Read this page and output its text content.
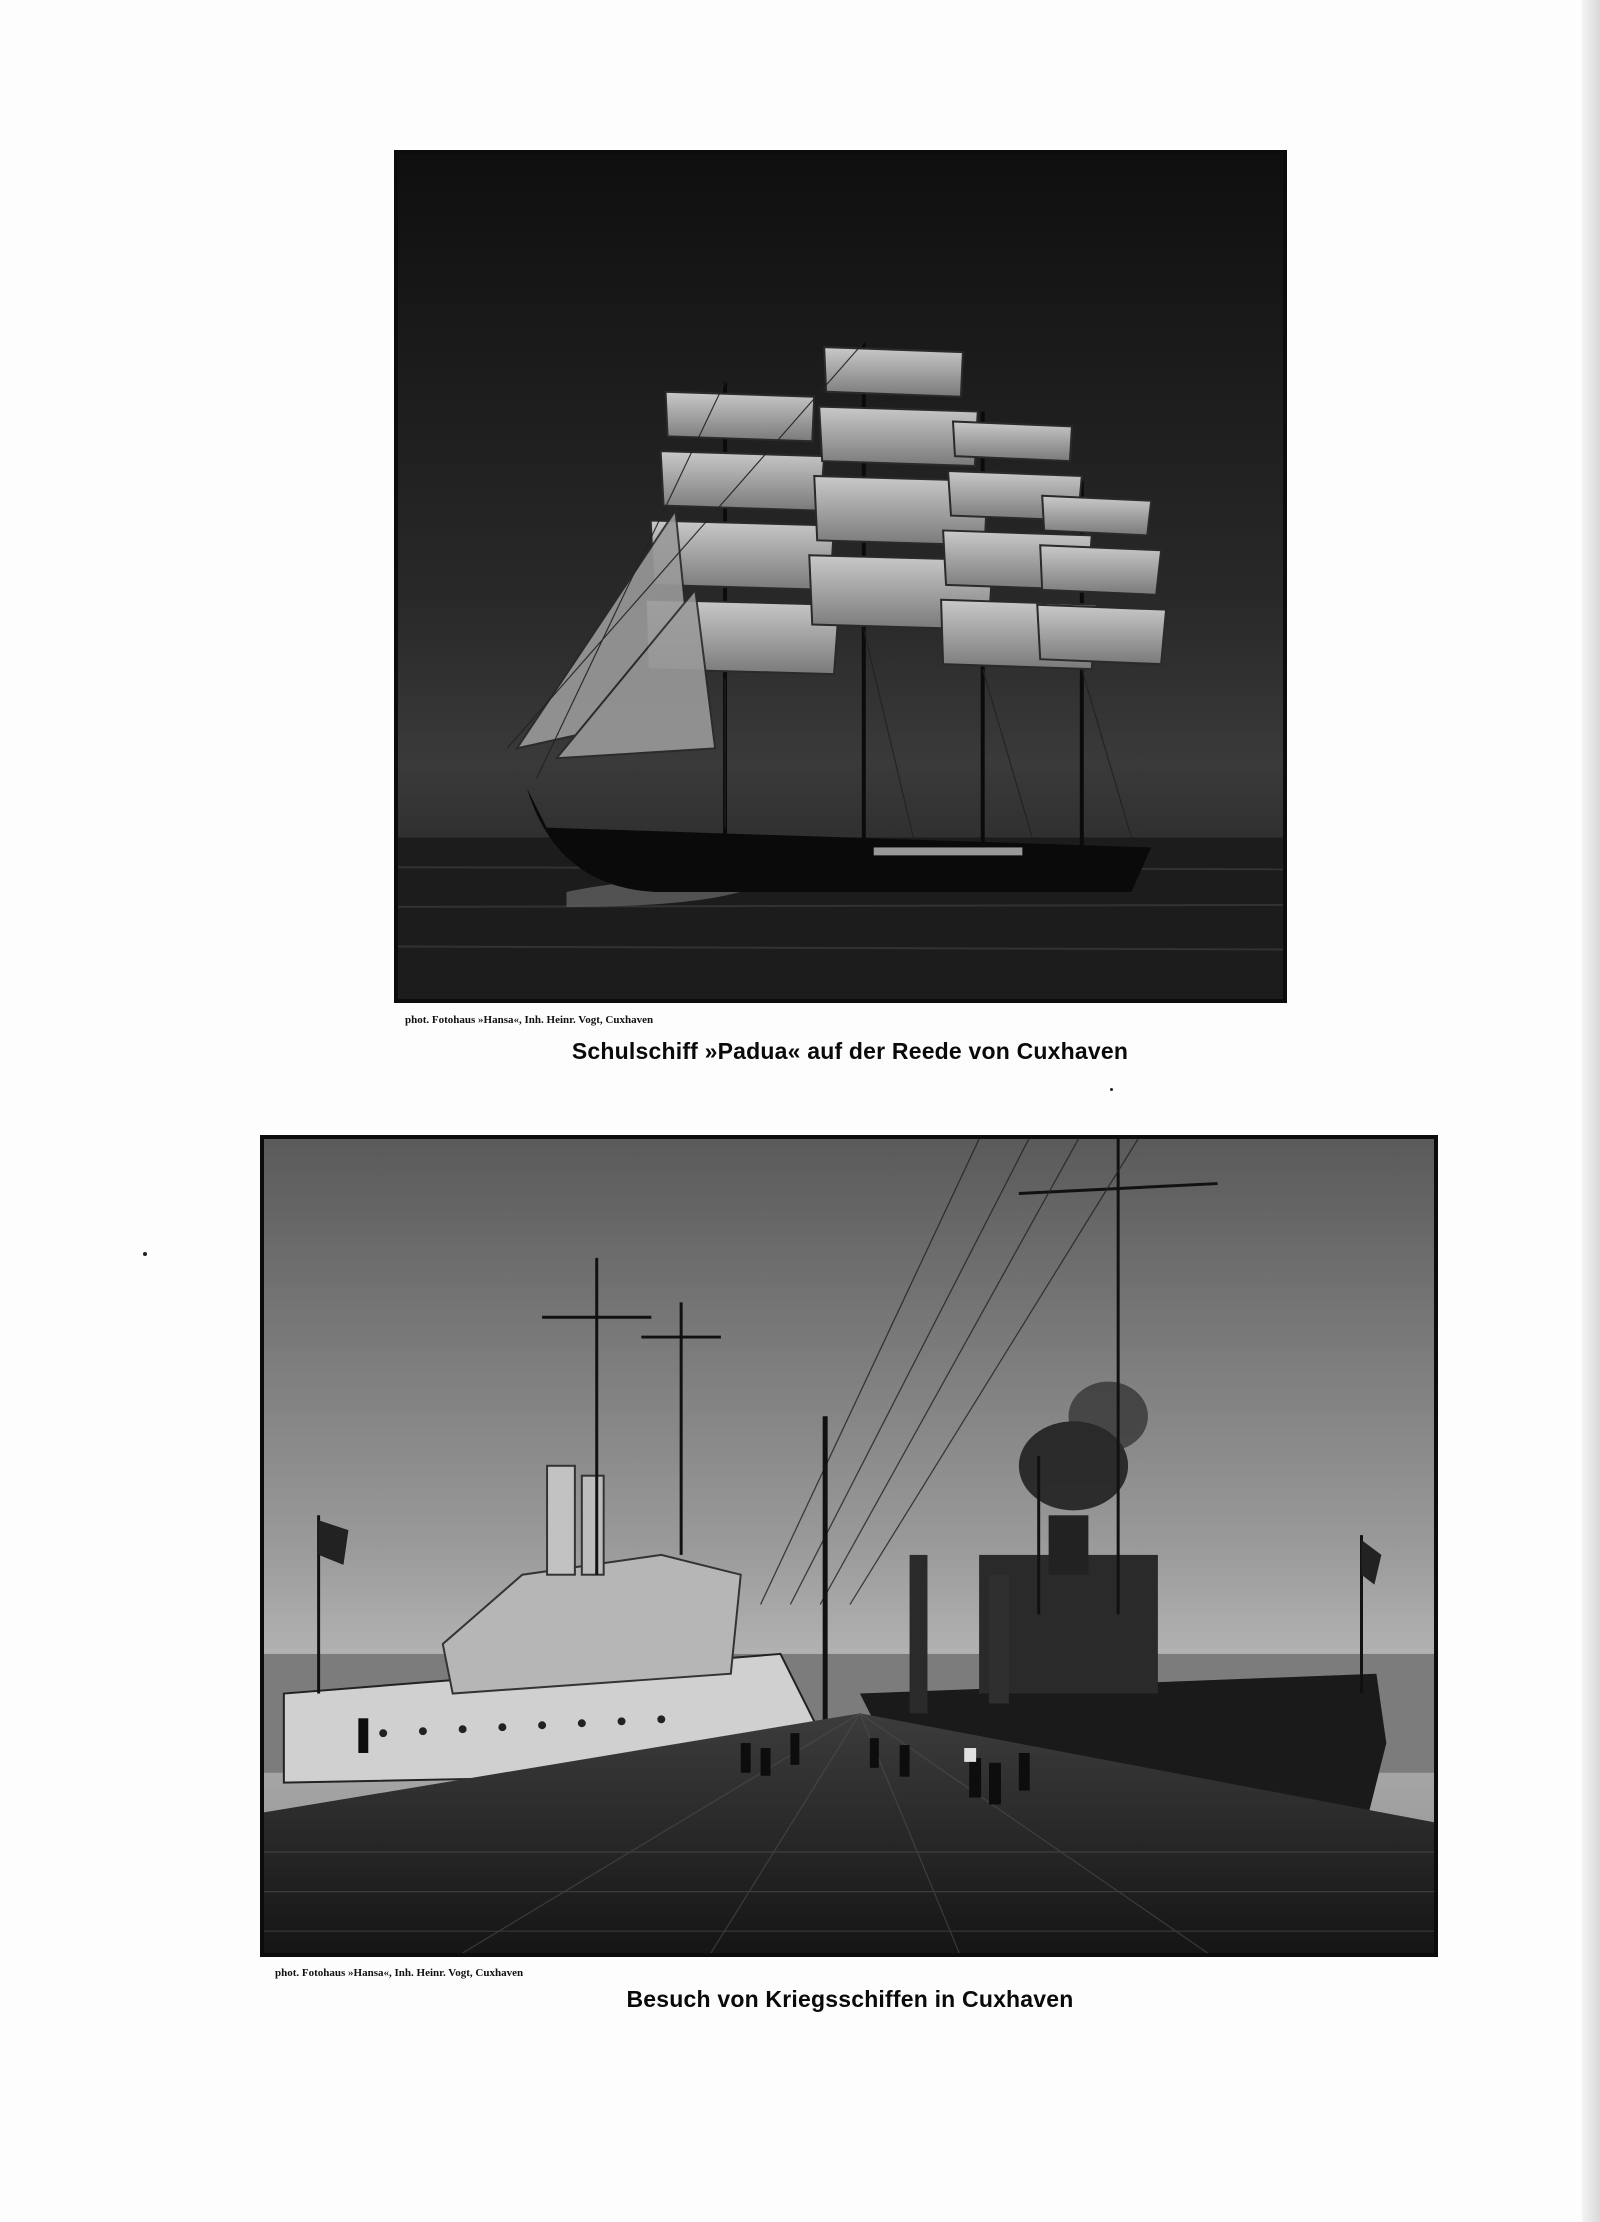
phot. Fotohaus »Hansa«, Inh. Heinr. Vogt, Cuxhaven
Schulschiff »Padua« auf der Reede von Cuxhaven
phot. Fotohaus »Hansa«, Inh. Heinr. Vogt, Cuxhaven
Besuch von Kriegsschiffen in Cuxhaven
